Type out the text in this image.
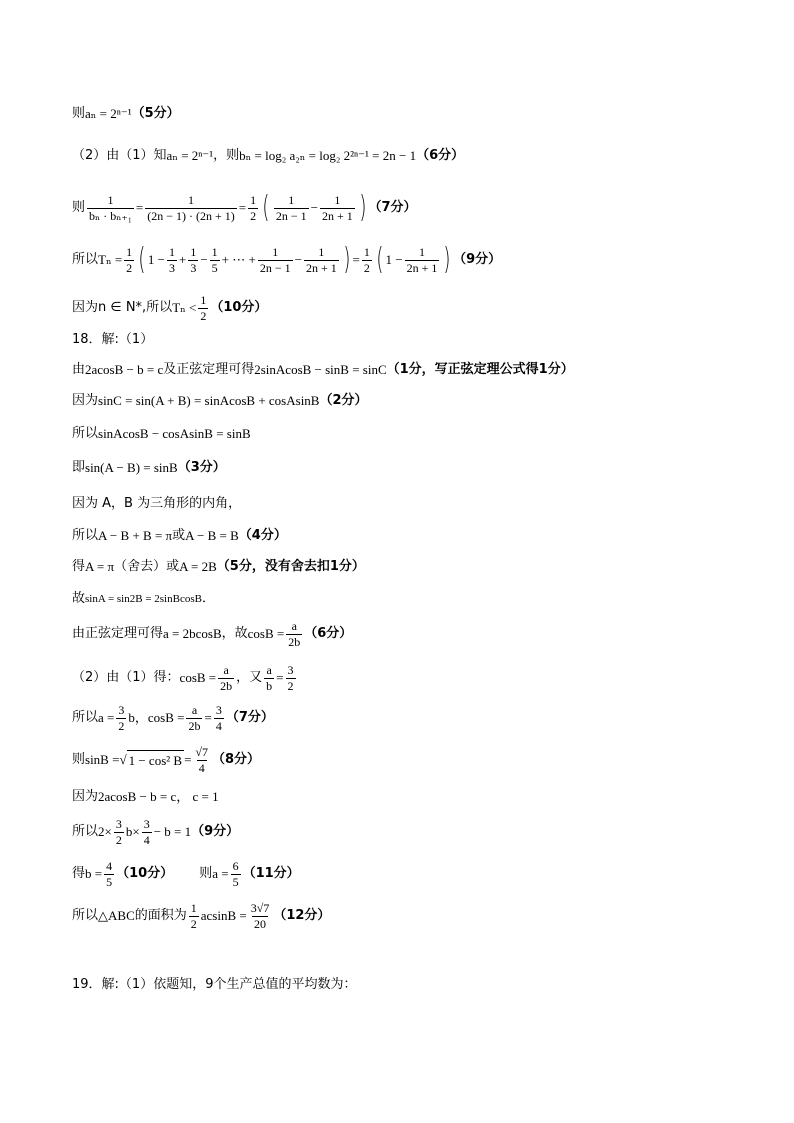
则 aₙ = 2ⁿ⁻¹ （5分）
（2）由（1）知 aₙ = 2ⁿ⁻¹ ，则 bₙ = log₂ a₂ₙ = log₂ 2²ⁿ⁻¹ = 2n − 1 （6分）
则 $\frac{1}{\text{bₙ · bₙ₊₁}} = \frac{1}{(2n - 1) \cdot (2n + 1)} = \frac{1}{2}$ ( $\frac{1}{2n - 1} - \frac{1}{2n + 1}$ ) （7分）
所以 $T_n = \frac{1}{2}$ ( $1 - \frac{1}{3} + \frac{1}{3} - \frac{1}{5}$ + ⋯ + $\frac{1}{2n - 1} - \frac{1}{2n + 1}$ ) = $\frac{1}{2}$ ( $1 - \frac{1}{2n + 1}$ ) （9分）
因为n ∈ N*,所以 $T_n < \frac{1}{2} (10$分）
18．解:（1）
由 2acosB − b = c 及正弦定理可得 2sinAcosB − sinB = sinC （1分，写正弦定理公式得1分）
因为 sinC = sin(A + B) = sinAcosB + cosAsinB （2分）
所以 sinAcosB − cosAsinB = sinB
即 sin(A − B) = sinB （3分）
因为 A，B 为三角形的内角，
所以 A − B + B = π 或 A − B = B （4分）
得 A = π （舍去）或 A = 2B （5分，没有舍去扣1分）
故 sinA = sin2B = 2sinBcosB ．
由正弦定理可得 a = 2bcosB ，故 $\cos B = \frac{a}{2b} (6$分）
（2）由（1）得： $\cos B = \frac{a}{2b}$ ，又 $\frac{a}{b} = \frac{3}{2}$
所以 $a = \frac{3}{2}$ b， $\cos B = \frac{a}{2b} = \frac{3}{4} (7$分）
则 sinB = √ 1 − cos² $B = \frac{√7}{4} (8$分）
因为 2acosB − b = c， c = 1
所以 $2\times \frac{3}{2} b\times \frac{3}{4} - b = 1$ （9分）
得 $b = \frac{4}{5} (10$分） 则 $a = \frac{6}{5} (11$分）
所以 △ABC 的面积为 $\frac{1}{2}$ $acsinB = \frac{3√7}{20} (12$分）
19．解:（1）依题知，9个生产总值的平均数为：
